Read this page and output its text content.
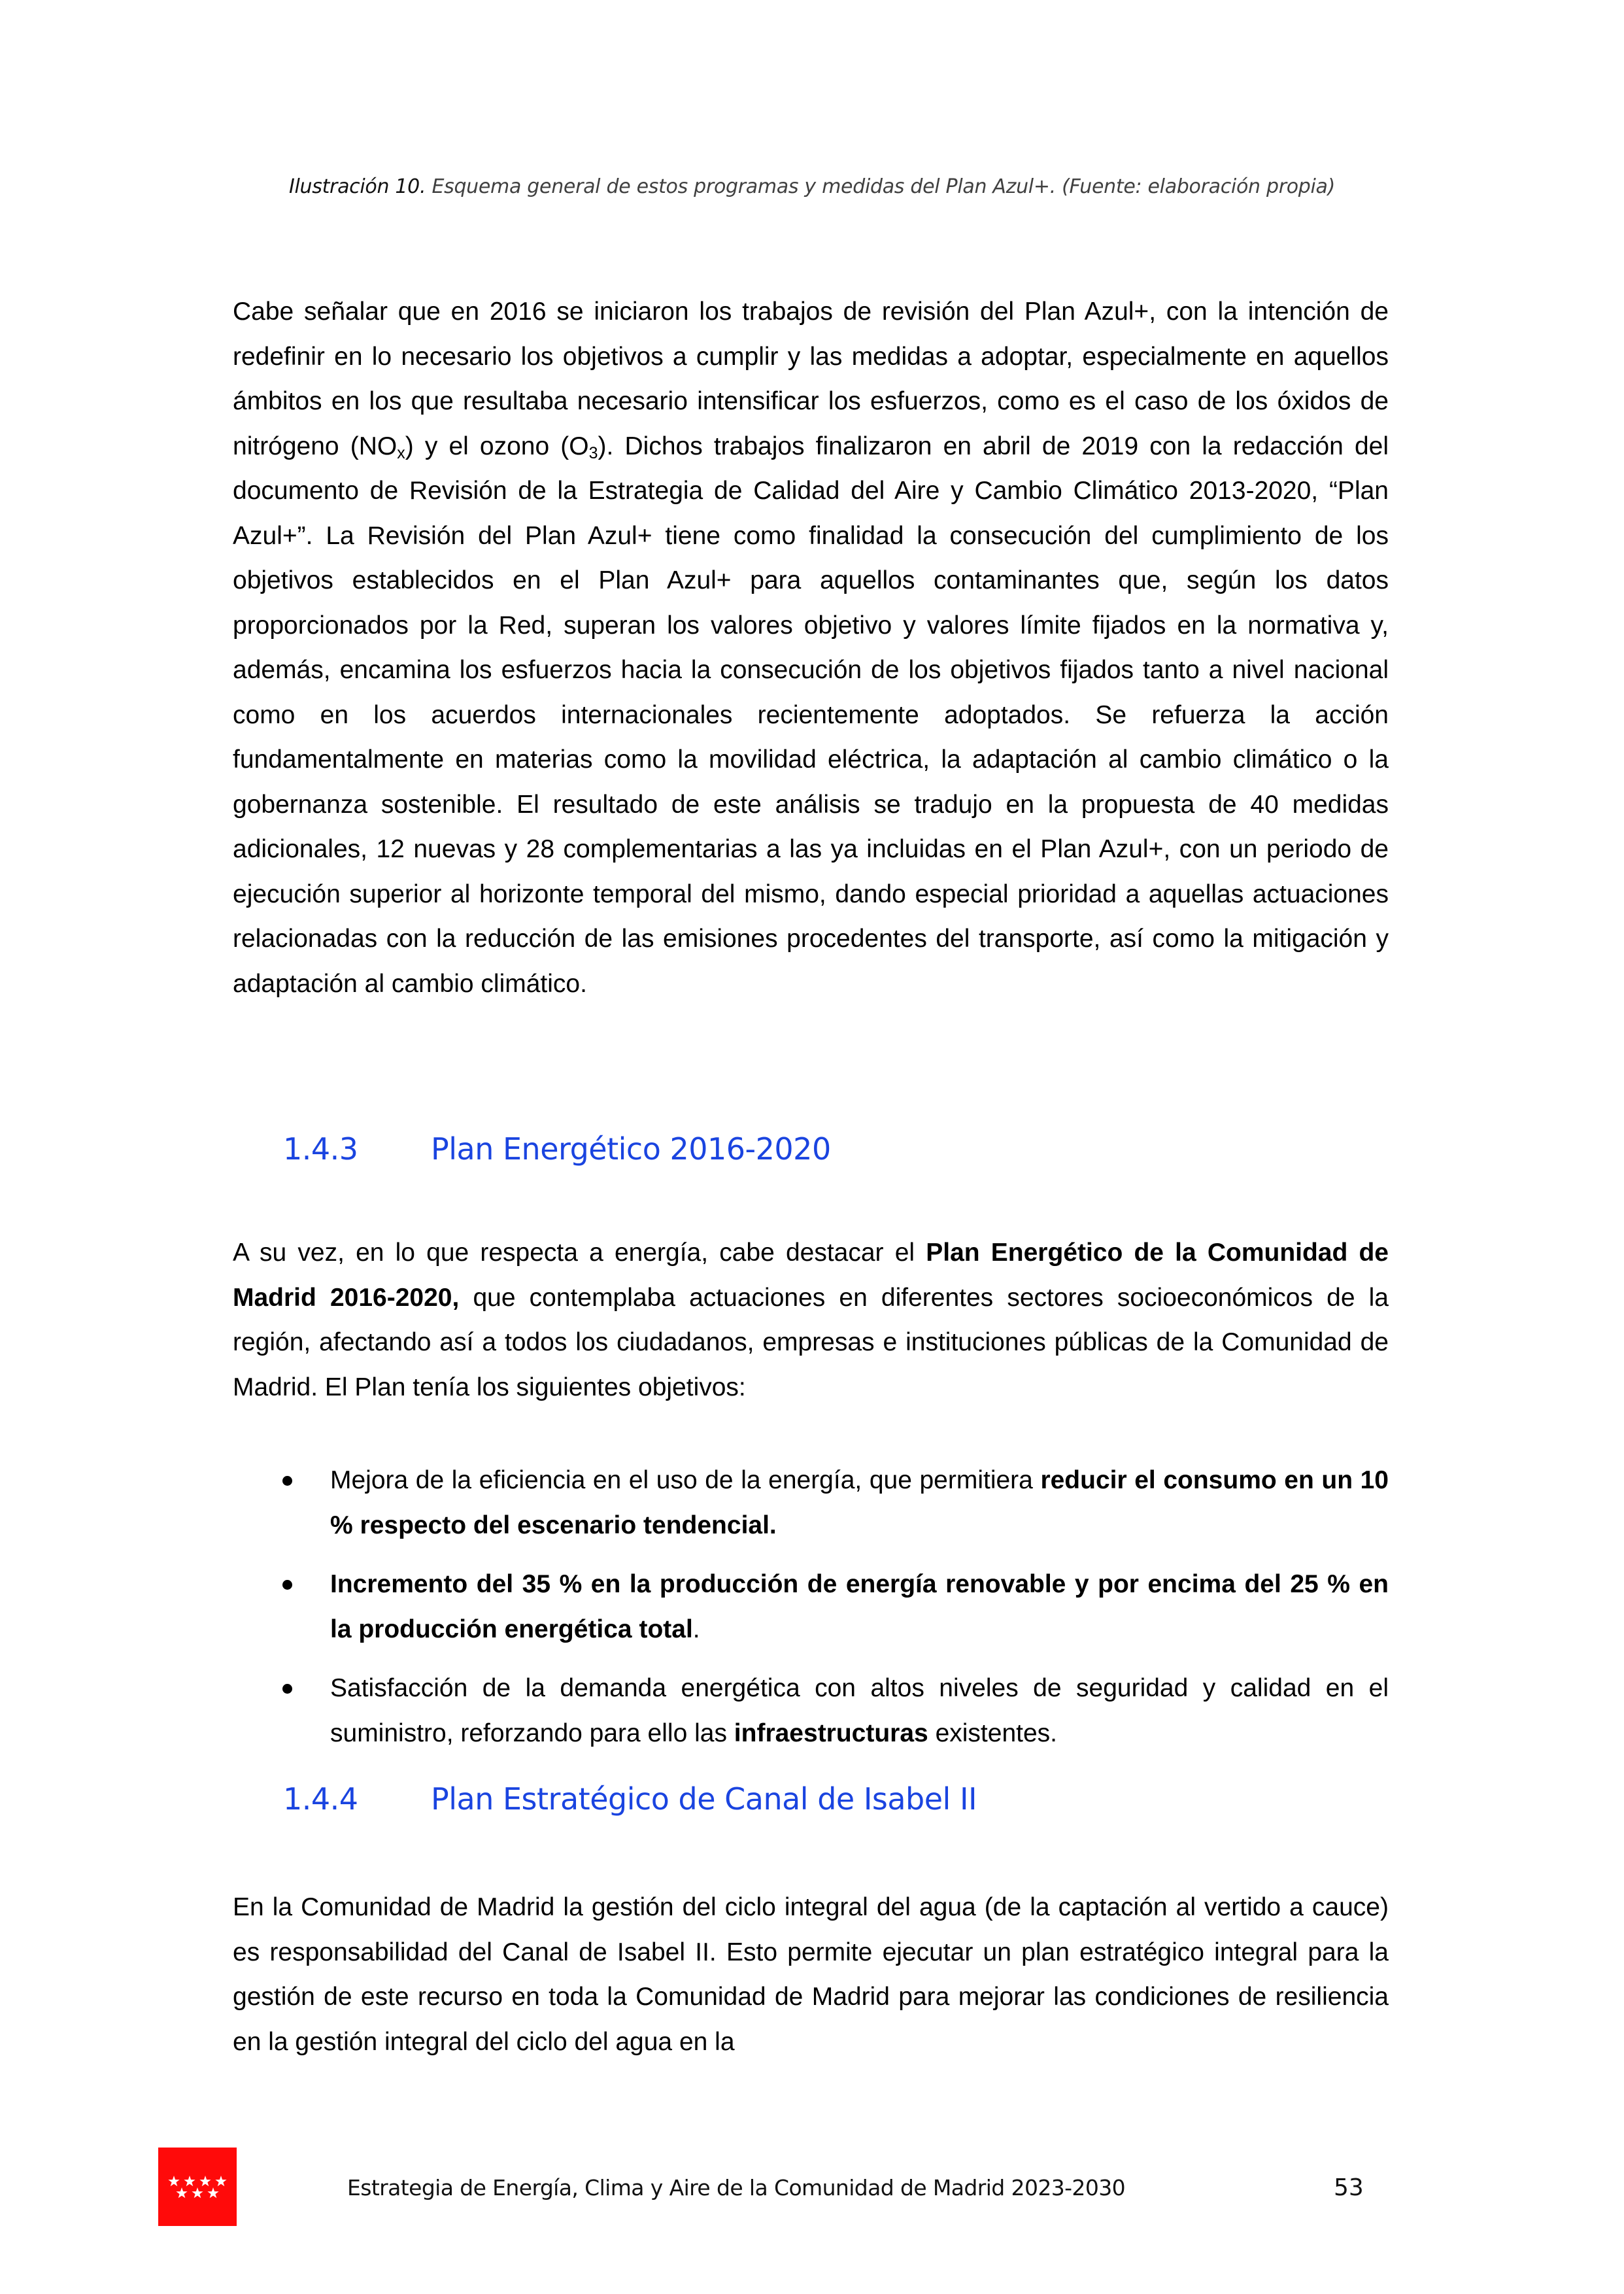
Ilustración 10. Esquema general de estos programas y medidas del Plan Azul+. (Fuente: elaboración propia)

Cabe señalar que en 2016 se iniciaron los trabajos de revisión del Plan Azul+, con la intención de redefinir en lo necesario los objetivos a cumplir y las medidas a adoptar, especialmente en aquellos ámbitos en los que resultaba necesario intensificar los esfuerzos, como es el caso de los óxidos de nitrógeno $(NO_x)$ y el ozono $(O_3)$. Dichos trabajos finalizaron en abril de 2019 con la redacción del documento de Revisión de la Estrategia de Calidad del Aire y Cambio Climático 2013-2020, “Plan Azul+”. La Revisión del Plan Azul+ tiene como finalidad la consecución del cumplimiento de los objetivos establecidos en el Plan Azul+ para aquellos contaminantes que, según los datos proporcionados por la Red, superan los valores objetivo y valores límite fijados en la normativa y, además, encamina los esfuerzos hacia la consecución de los objetivos fijados tanto a nivel nacional como en los acuerdos internacionales recientemente adoptados. Se refuerza la acción fundamentalmente en materias como la movilidad eléctrica, la adaptación al cambio climático o la gobernanza sostenible. El resultado de este análisis se tradujo en la propuesta de 40 medidas adicionales, 12 nuevas y 28 complementarias a las ya incluidas en el Plan Azul+, con un periodo de ejecución superior al horizonte temporal del mismo, dando especial prioridad a aquellas actuaciones relacionadas con la reducción de las emisiones procedentes del transporte, así como la mitigación y adaptación al cambio climático.

1.4.3 Plan Energético 2016-2020

A su vez, en lo que respecta a energía, cabe destacar el Plan Energético de la Comunidad de Madrid 2016-2020, que contemplaba actuaciones en diferentes sectores socioeconómicos de la región, afectando así a todos los ciudadanos, empresas e instituciones públicas de la Comunidad de Madrid. El Plan tenía los siguientes objetivos:

Mejora de la eficiencia en el uso de la energía, que permitiera reducir el consumo en un 10 % respecto del escenario tendencial.
Incremento del 35 % en la producción de energía renovable y por encima del 25 % en la producción energética total.
Satisfacción de la demanda energética con altos niveles de seguridad y calidad en el suministro, reforzando para ello las infraestructuras existentes.
1.4.4 Plan Estratégico de Canal de Isabel II

En la Comunidad de Madrid la gestión del ciclo integral del agua (de la captación al vertido a cauce) es responsabilidad del Canal de Isabel II. Esto permite ejecutar un plan estratégico integral para la gestión de este recurso en toda la Comunidad de Madrid para mejorar las condiciones de resiliencia en la gestión integral del ciclo del agua en la

Estrategia de Energía, Clima y Aire de la Comunidad de Madrid 2023-2030	53
